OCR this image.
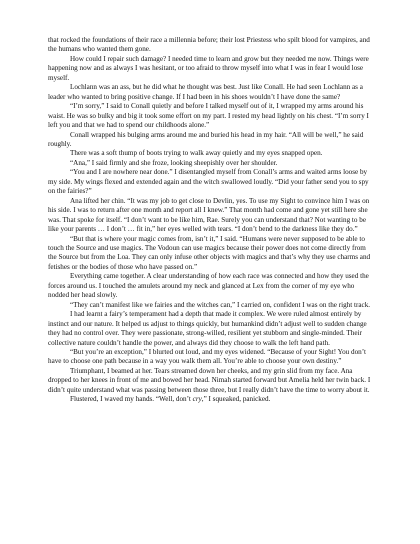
that rocked the foundations of their race a millennia before; their lost Priestess who spilt blood for vampires, and the humans who wanted them gone.

How could I repair such damage? I needed time to learn and grow but they needed me now. Things were happening now and as always I was hesitant, or too afraid to throw myself into what I was in fear I would lose myself.

Lochlann was an ass, but he did what he thought was best. Just like Conall. He had seen Lochlann as a leader who wanted to bring positive change. If I had been in his shoes wouldn’t I have done the same?

“I’m sorry,” I said to Conall quietly and before I talked myself out of it, I wrapped my arms around his waist. He was so bulky and big it took some effort on my part. I rested my head lightly on his chest. “I’m sorry I left you and that we had to spend our childhoods alone.”

Conall wrapped his bulging arms around me and buried his head in my hair. “All will be well,” he said roughly.

There was a soft thump of boots trying to walk away quietly and my eyes snapped open.

“Ana,” I said firmly and she froze, looking sheepishly over her shoulder.

“You and I are nowhere near done.” I disentangled myself from Conall’s arms and waited arms loose by my side. My wings flexed and extended again and the witch swallowed loudly. “Did your father send you to spy on the fairies?”

Ana lifted her chin. “It was my job to get close to Devlin, yes. To use my Sight to convince him I was on his side. I was to return after one month and report all I knew.” That month had come and gone yet still here she was. That spoke for itself. “I don’t want to be like him, Rae. Surely you can understand that? Not wanting to be like your parents … I don’t … fit in,” her eyes welled with tears. “I don’t bend to the darkness like they do.”

“But that is where your magic comes from, isn’t it,” I said. “Humans were never supposed to be able to touch the Source and use magics. The Vodoun can use magics because their power does not come directly from the Source but from the Loa. They can only infuse other objects with magics and that’s why they use charms and fetishes or the bodies of those who have passed on.”

Everything came together. A clear understanding of how each race was connected and how they used the forces around us. I touched the amulets around my neck and glanced at Lex from the corner of my eye who nodded her head slowly.

“They can’t manifest like we fairies and the witches can,” I carried on, confident I was on the right track.

I had learnt a fairy’s temperament had a depth that made it complex. We were ruled almost entirely by instinct and our nature. It helped us adjust to things quickly, but humankind didn’t adjust well to sudden change they had no control over. They were passionate, strong-willed, resilient yet stubborn and single-minded. Their collective nature couldn’t handle the power, and always did they choose to walk the left hand path.

“But you’re an exception,” I blurted out loud, and my eyes widened. “Because of your Sight! You don’t have to choose one path because in a way you walk them all. You’re able to choose your own destiny.”

Triumphant, I beamed at her. Tears streamed down her cheeks, and my grin slid from my face. Ana dropped to her knees in front of me and bowed her head. Nimah started forward but Amelia held her twin back. I didn’t quite understand what was passing between those three, but I really didn’t have the time to worry about it.

Flustered, I waved my hands. “Well, don’t cry,” I squeaked, panicked.
